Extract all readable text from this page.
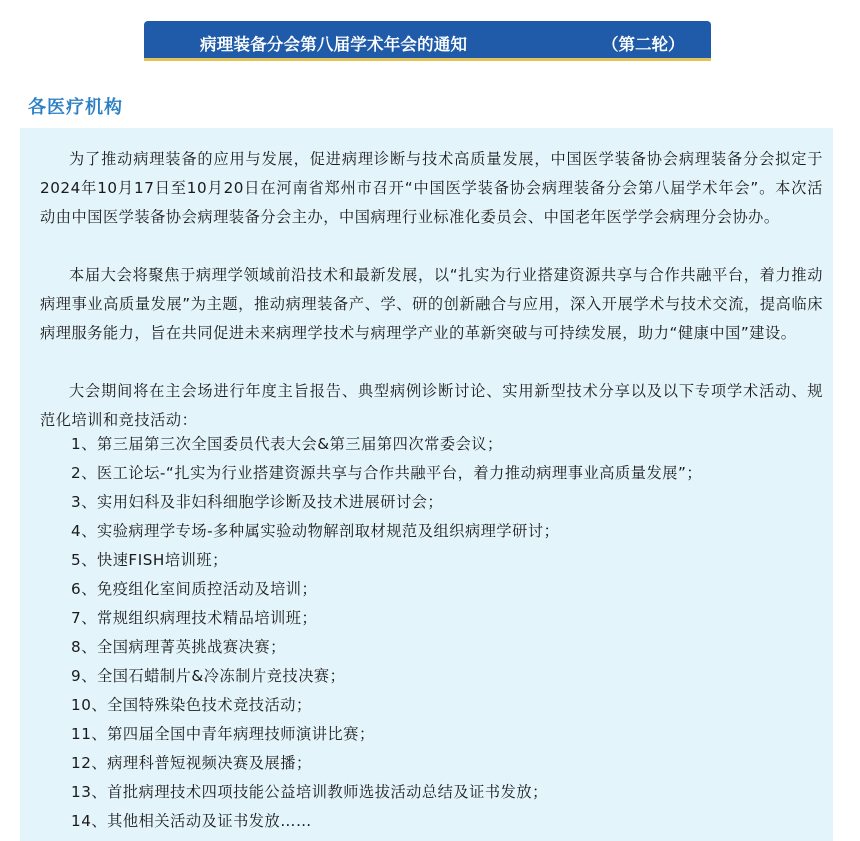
病理装备分会第八届学术年会的通知	（第二轮）
各医疗机构

为了推动病理装备的应用与发展，促进病理诊断与技术高质量发展，中国医学装备协会病理装备分会拟定于2024年10月17日至10月20日在河南省郑州市召开“中国医学装备协会病理装备分会第八届学术年会”。本次活动由中国医学装备协会病理装备分会主办，中国病理行业标准化委员会、中国老年医学学会病理分会协办。

本届大会将聚焦于病理学领域前沿技术和最新发展，以“扎实为行业搭建资源共享与合作共融平台，着力推动病理事业高质量发展”为主题，推动病理装备产、学、研的创新融合与应用，深入开展学术与技术交流，提高临床病理服务能力，旨在共同促进未来病理学技术与病理学产业的革新突破与可持续发展，助力“健康中国”建设。

大会期间将在主会场进行年度主旨报告、典型病例诊断讨论、实用新型技术分享以及以下专项学术活动、规范化培训和竞技活动：

1、第三届第三次全国委员代表大会&第三届第四次常委会议；
2、医工论坛-“扎实为行业搭建资源共享与合作共融平台，着力推动病理事业高质量发展”；
3、实用妇科及非妇科细胞学诊断及技术进展研讨会；
4、实验病理学专场-多种属实验动物解剖取材规范及组织病理学研讨；
5、快速FISH培训班；
6、免疫组化室间质控活动及培训；
7、常规组织病理技术精品培训班；
8、全国病理菁英挑战赛决赛；
9、全国石蜡制片&冷冻制片竞技决赛；
10、全国特殊染色技术竞技活动；
11、第四届全国中青年病理技师演讲比赛；
12、病理科普短视频决赛及展播；
13、首批病理技术四项技能公益培训教师选拔活动总结及证书发放；
14、其他相关活动及证书发放……
